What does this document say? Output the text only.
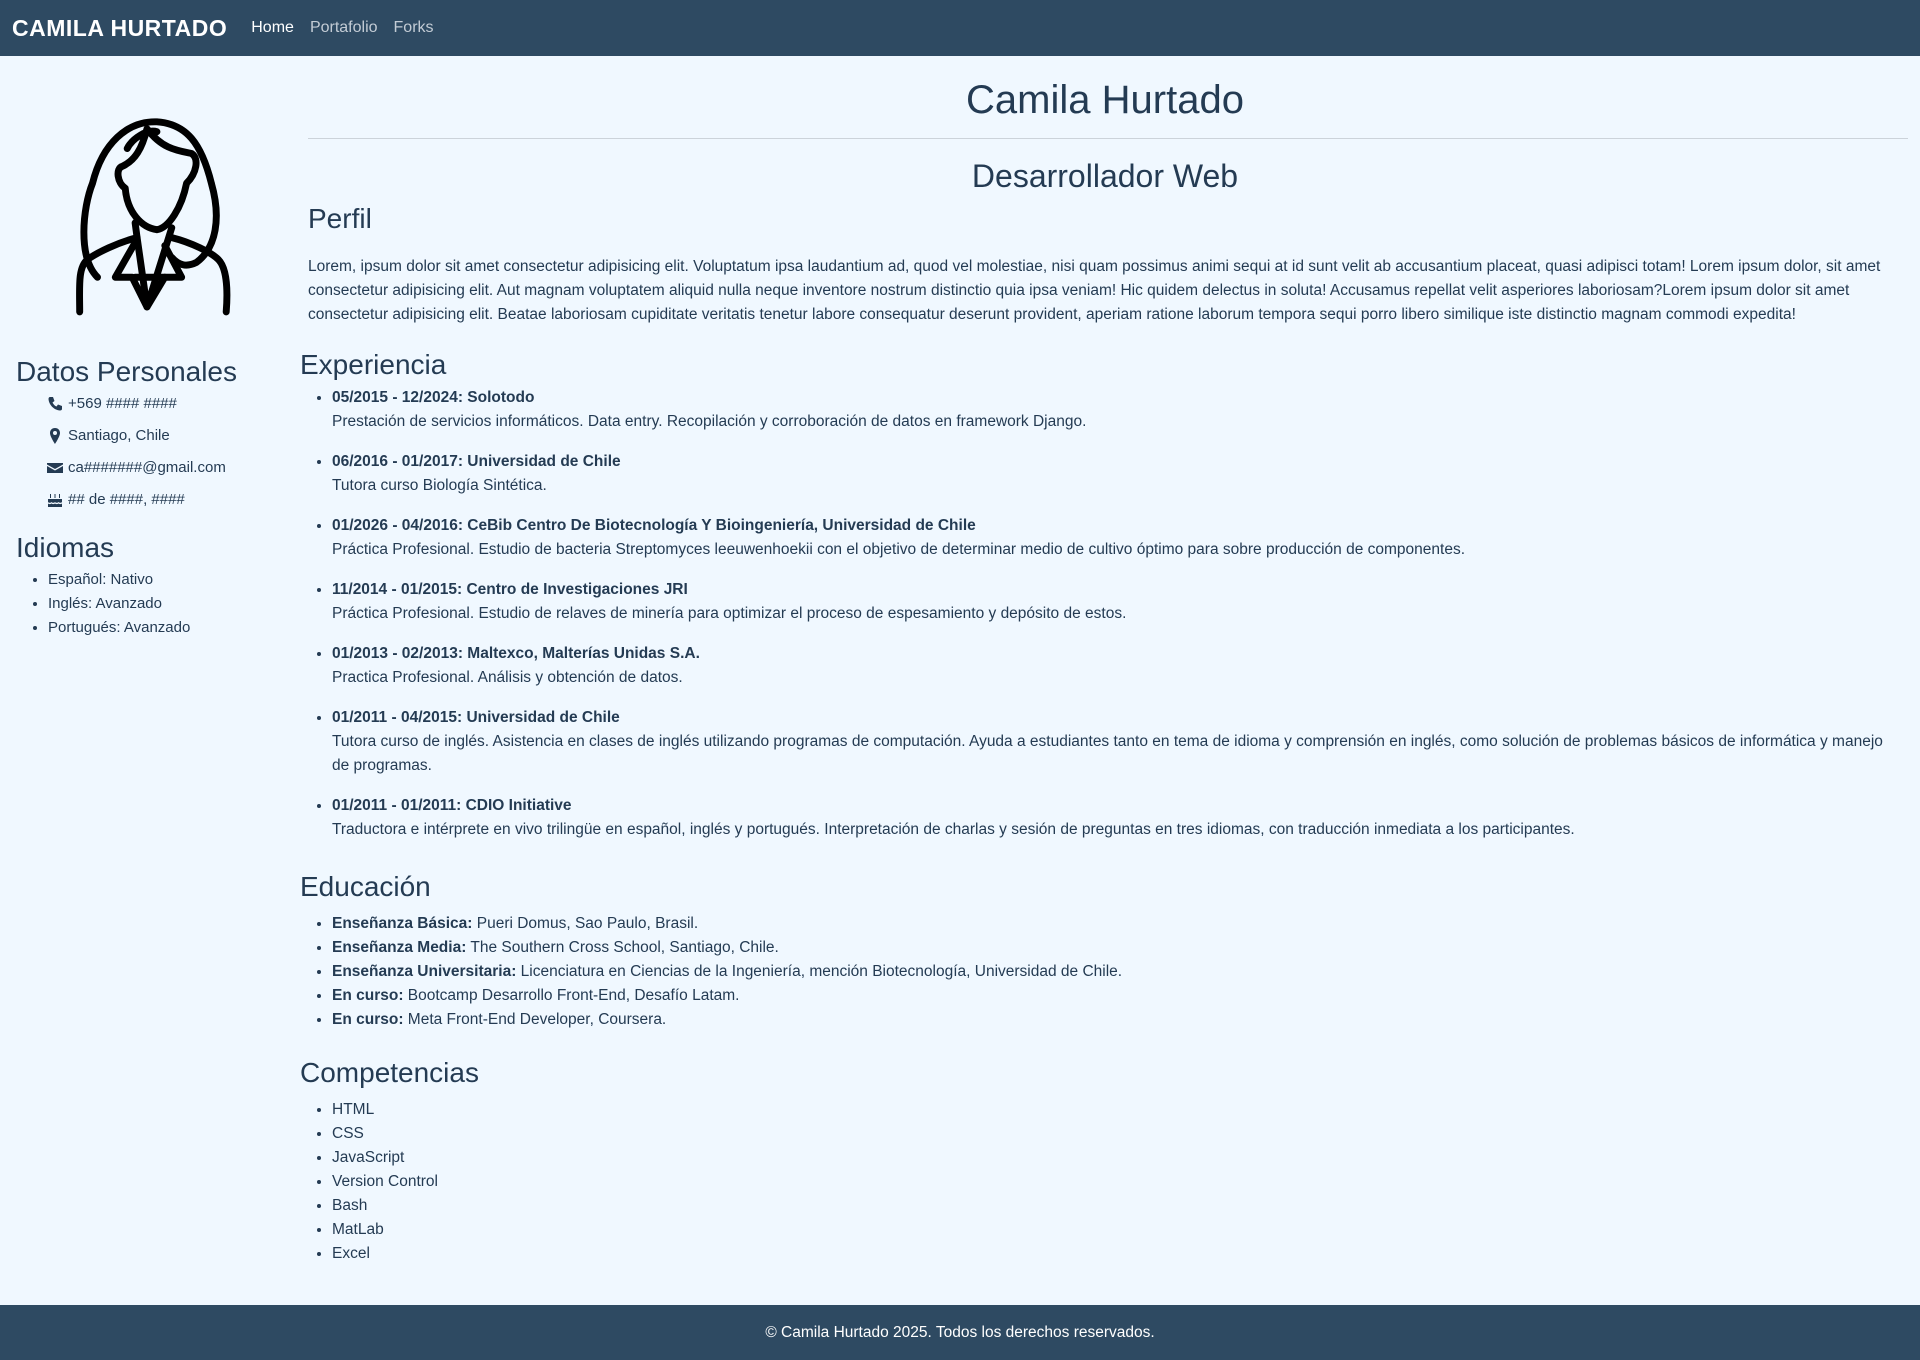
CAMILA HURTADO Home Portafolio Forks
Datos Personales
+569 #### ####
Santiago, Chile
ca#######@gmail.com
## de ####, ####
Idiomas
• Español: Nativo
• Inglés: Avanzado
• Portugués: Avanzado
Camila Hurtado
Desarrollador Web
Perfil

Lorem, ipsum dolor sit amet consectetur adipisicing elit. Voluptatum ipsa laudantium ad, quod vel molestiae, nisi quam possimus animi sequi at id sunt velit ab accusantium placeat, quasi adipisci totam! Lorem ipsum dolor, sit amet consectetur adipisicing elit. Aut magnam voluptatem aliquid nulla neque inventore nostrum distinctio quia ipsa veniam! Hic quidem delectus in soluta! Accusamus repellat velit asperiores laboriosam?Lorem ipsum dolor sit amet consectetur adipisicing elit. Beatae laboriosam cupiditate veritatis tenetur labore consequatur deserunt provident, aperiam ratione laborum tempora sequi porro libero similique iste distinctio magnam commodi expedita!

Experiencia
• 05/2015 - 12/2024: Solotodo
Prestación de servicios informáticos. Data entry. Recopilación y corroboración de datos en framework Django.
• 06/2016 - 01/2017: Universidad de Chile
Tutora curso Biología Sintética.
• 01/2026 - 04/2016: CeBib Centro De Biotecnología Y Bioingeniería, Universidad de Chile
Práctica Profesional. Estudio de bacteria Streptomyces leeuwenhoekii con el objetivo de determinar medio de cultivo óptimo para sobre producción de componentes.
• 11/2014 - 01/2015: Centro de Investigaciones JRI
Práctica Profesional. Estudio de relaves de minería para optimizar el proceso de espesamiento y depósito de estos.
• 01/2013 - 02/2013: Maltexco, Malterías Unidas S.A.
Practica Profesional. Análisis y obtención de datos.
• 01/2011 - 04/2015: Universidad de Chile
Tutora curso de inglés. Asistencia en clases de inglés utilizando programas de computación. Ayuda a estudiantes tanto en tema de idioma y comprensión en inglés, como solución de problemas básicos de informática y manejo de programas.
• 01/2011 - 01/2011: CDIO Initiative
Traductora e intérprete en vivo trilingüe en español, inglés y portugués. Interpretación de charlas y sesión de preguntas en tres idiomas, con traducción inmediata a los participantes.
Educación
• Enseñanza Básica: Pueri Domus, Sao Paulo, Brasil.
• Enseñanza Media: The Southern Cross School, Santiago, Chile.
• Enseñanza Universitaria: Licenciatura en Ciencias de la Ingeniería, mención Biotecnología, Universidad de Chile.
• En curso: Bootcamp Desarrollo Front-End, Desafío Latam.
• En curso: Meta Front-End Developer, Coursera.
Competencias
• HTML
• CSS
• JavaScript
• Version Control
• Bash
• MatLab
• Excel
© Camila Hurtado 2025. Todos los derechos reservados.
